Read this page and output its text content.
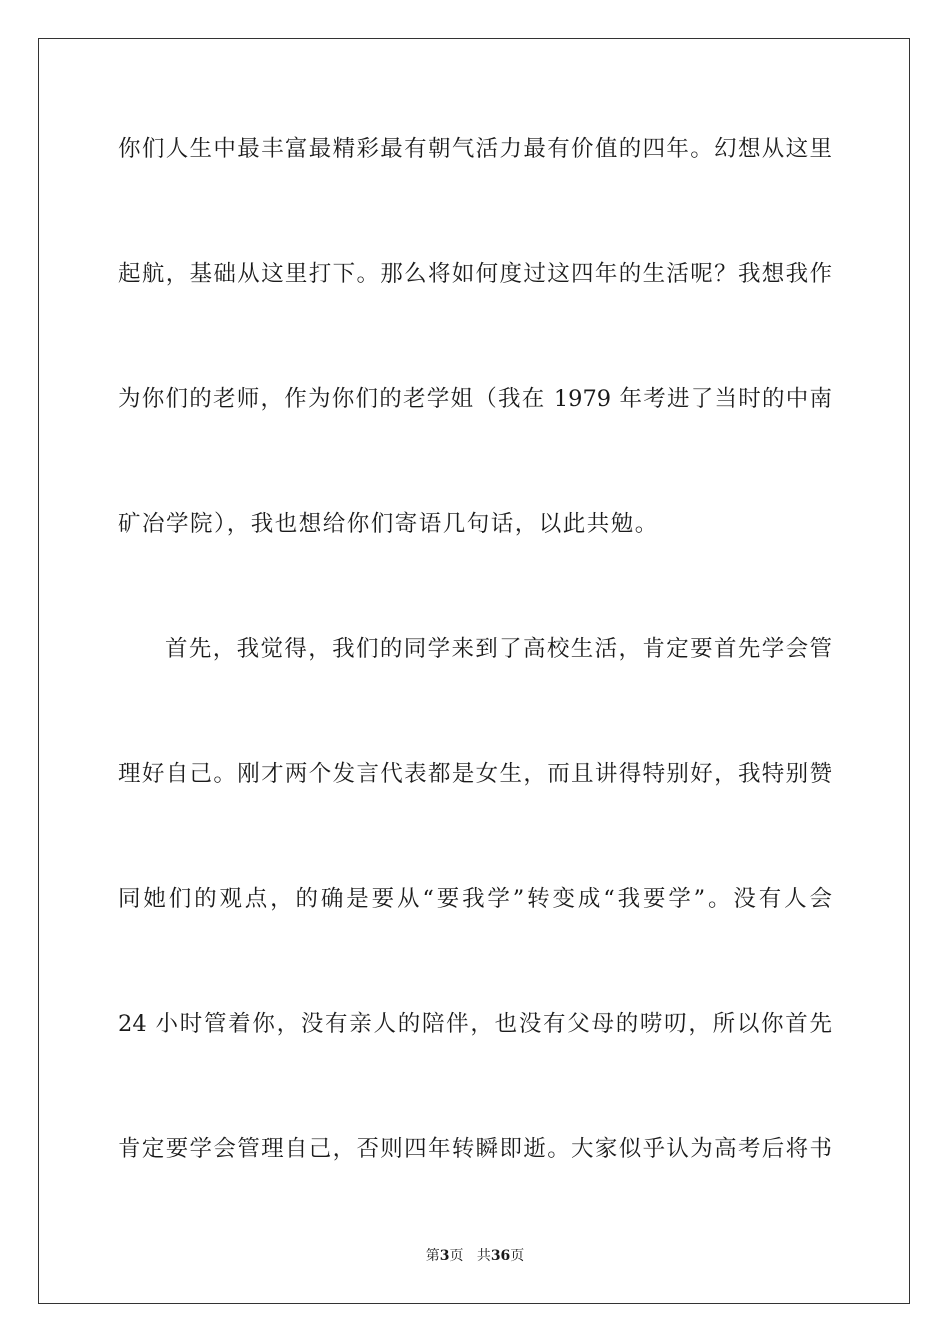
你们人生中最丰富最精彩最有朝气活力最有价值的四年。幻想从这里
起航，基础从这里打下。那么将如何度过这四年的生活呢？我想我作
为你们的老师，作为你们的老学姐（我在 1979 年考进了当时的中南
矿冶学院），我也想给你们寄语几句话，以此共勉。
首先，我觉得，我们的同学来到了高校生活，肯定要首先学会管
理好自己。刚才两个发言代表都是女生，而且讲得特别好，我特别赞
同她们的观点，的确是要从“要我学”转变成“我要学”。没有人会
24 小时管着你，没有亲人的陪伴，也没有父母的唠叨，所以你首先
肯定要学会管理自己，否则四年转瞬即逝。大家似乎认为高考后将书
第3页 共36页
